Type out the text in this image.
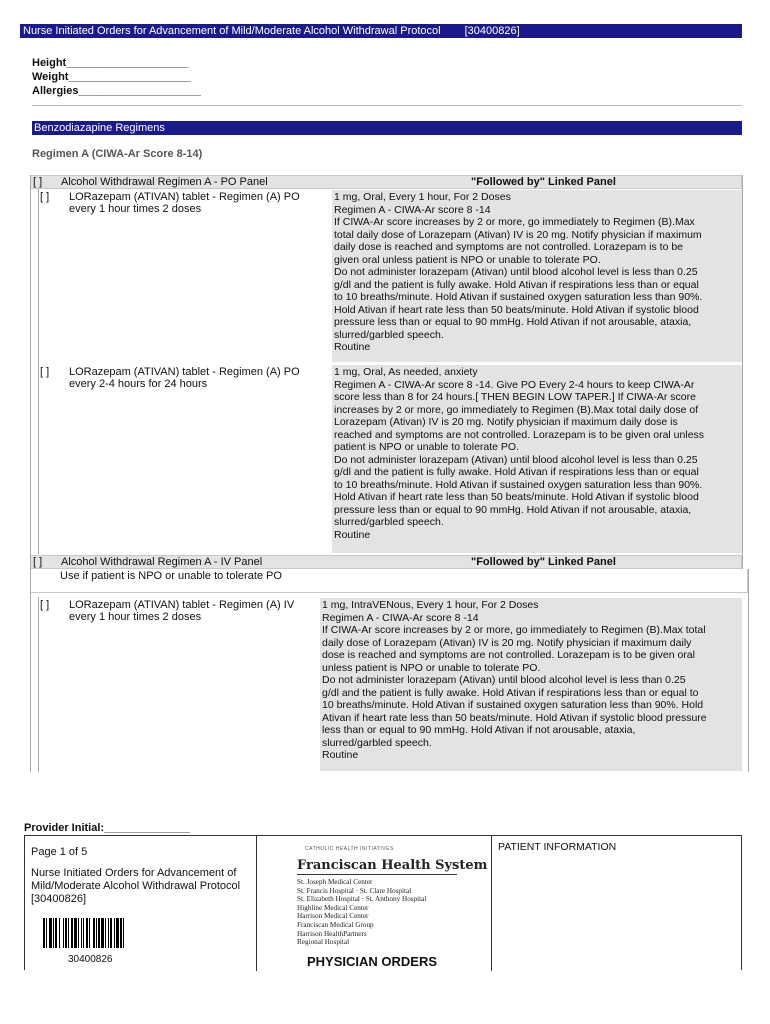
Nurse Initiated Orders for Advancement of Mild/Moderate Alcohol Withdrawal Protocol [30400826]
Height____________________
Weight____________________
Allergies____________________
Benzodiazapine Regimens
Regimen A (CIWA-Ar Score 8-14)
[ ] Alcohol Withdrawal Regimen A - PO Panel	"Followed by" Linked Panel
[ ] LORazepam (ATIVAN) tablet - Regimen (A) PO every 1 hour times 2 doses
1 mg, Oral, Every 1 hour, For 2 Doses
Regimen A - CIWA-Ar score 8 -14
If CIWA-Ar score increases by 2 or more, go immediately to Regimen (B).Max
total daily dose of Lorazepam (Ativan) IV is 20 mg. Notify physician if maximum
daily dose is reached and symptoms are not controlled. Lorazepam is to be
given oral unless patient is NPO or unable to tolerate PO.
Do not administer lorazepam (Ativan) until blood alcohol level is less than 0.25
g/dl and the patient is fully awake. Hold Ativan if respirations less than or equal
to 10 breaths/minute. Hold Ativan if sustained oxygen saturation less than 90%.
Hold Ativan if heart rate less than 50 beats/minute. Hold Ativan if systolic blood
pressure less than or equal to 90 mmHg. Hold Ativan if not arousable, ataxia,
slurred/garbled speech.
Routine
[ ] LORazepam (ATIVAN) tablet - Regimen (A) PO every 2-4 hours for 24 hours
1 mg, Oral, As needed, anxiety
Regimen A - CIWA-Ar score 8 -14. Give PO Every 2-4 hours to keep CIWA-Ar
score less than 8 for 24 hours.[ THEN BEGIN LOW TAPER.] If CIWA-Ar score
increases by 2 or more, go immediately to Regimen (B).Max total daily dose of
Lorazepam (Ativan) IV is 20 mg. Notify physician if maximum daily dose is
reached and symptoms are not controlled. Lorazepam is to be given oral unless
patient is NPO or unable to tolerate PO.
Do not administer lorazepam (Ativan) until blood alcohol level is less than 0.25
g/dl and the patient is fully awake. Hold Ativan if respirations less than or equal
to 10 breaths/minute. Hold Ativan if sustained oxygen saturation less than 90%.
Hold Ativan if heart rate less than 50 beats/minute. Hold Ativan if systolic blood
pressure less than or equal to 90 mmHg. Hold Ativan if not arousable, ataxia,
slurred/garbled speech.
Routine
[ ] Alcohol Withdrawal Regimen A - IV Panel	"Followed by" Linked Panel
Use if patient is NPO or unable to tolerate PO
[ ] LORazepam (ATIVAN) tablet - Regimen (A) IV every 1 hour times 2 doses
1 mg, IntraVENous, Every 1 hour, For 2 Doses
Regimen A - CIWA-Ar score 8 -14
If CIWA-Ar score increases by 2 or more, go immediately to Regimen (B).Max total
daily dose of Lorazepam (Ativan) IV is 20 mg. Notify physician if maximum daily
dose is reached and symptoms are not controlled. Lorazepam is to be given oral
unless patient is NPO or unable to tolerate PO.
Do not administer lorazepam (Ativan) until blood alcohol level is less than 0.25
g/dl and the patient is fully awake. Hold Ativan if respirations less than or equal to
10 breaths/minute. Hold Ativan if sustained oxygen saturation less than 90%. Hold
Ativan if heart rate less than 50 beats/minute. Hold Ativan if systolic blood pressure
less than or equal to 90 mmHg. Hold Ativan if not arousable, ataxia,
slurred/garbled speech.
Routine
Provider Initial:______________
Page 1 of 5
Nurse Initiated Orders for Advancement of Mild/Moderate Alcohol Withdrawal Protocol [30400826]
30400826
CATHOLIC HEALTH INITIATIVES
Franciscan Health System
St. Joseph Medical Center
St. Francis Hospital · St. Clare Hospital
St. Elizabeth Hospital · St. Anthony Hospital
Highline Medical Center
Harrison Medical Center
Franciscan Medical Group
Harrison HealthPartners
Regional Hospital
PHYSICIAN ORDERS
PATIENT INFORMATION
